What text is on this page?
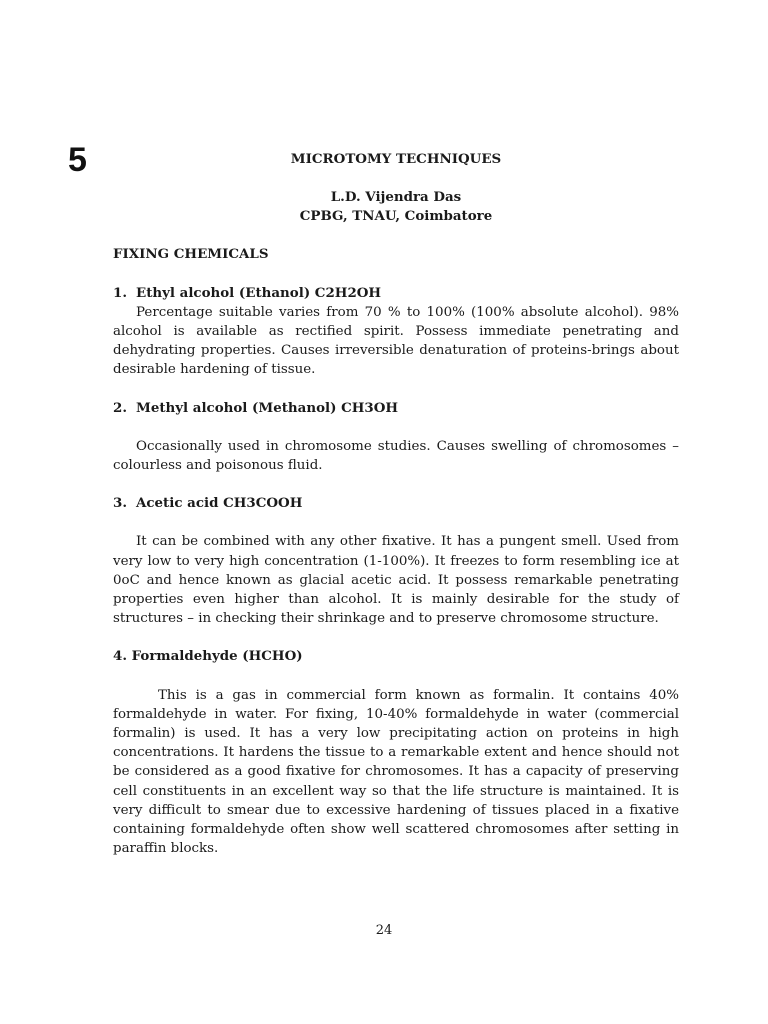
5	MICROTOMY TECHNIQUES
L.D. Vijendra Das
CPBG, TNAU, Coimbatore
FIXING CHEMICALS
1. Ethyl alcohol (Ethanol) C2H2OH

Percentage suitable varies from 70 % to 100% (100% absolute alcohol). 98% alcohol is available as rectified spirit. Possess immediate penetrating and dehydrating properties. Causes irreversible denaturation of proteins-brings about desirable hardening of tissue.

2. Methyl alcohol (Methanol) CH3OH

Occasionally used in chromosome studies. Causes swelling of chromosomes – colourless and poisonous fluid.

3. Acetic acid CH3COOH

It can be combined with any other fixative. It has a pungent smell. Used from very low to very high concentration (1-100%). It freezes to form resembling ice at 0oC and hence known as glacial acetic acid. It possess remarkable penetrating properties even higher than alcohol. It is mainly desirable for the study of structures – in checking their shrinkage and to preserve chromosome structure.

4. Formaldehyde (HCHO)

This is a gas in commercial form known as formalin. It contains 40% formaldehyde in water. For fixing, 10-40% formaldehyde in water (commercial formalin) is used. It has a very low precipitating action on proteins in high concentrations. It hardens the tissue to a remarkable extent and hence should not be considered as a good fixative for chromosomes. It has a capacity of preserving cell constituents in an excellent way so that the life structure is maintained. It is very difficult to smear due to excessive hardening of tissues placed in a fixative containing formaldehyde often show well scattered chromosomes after setting in paraffin blocks.

24
